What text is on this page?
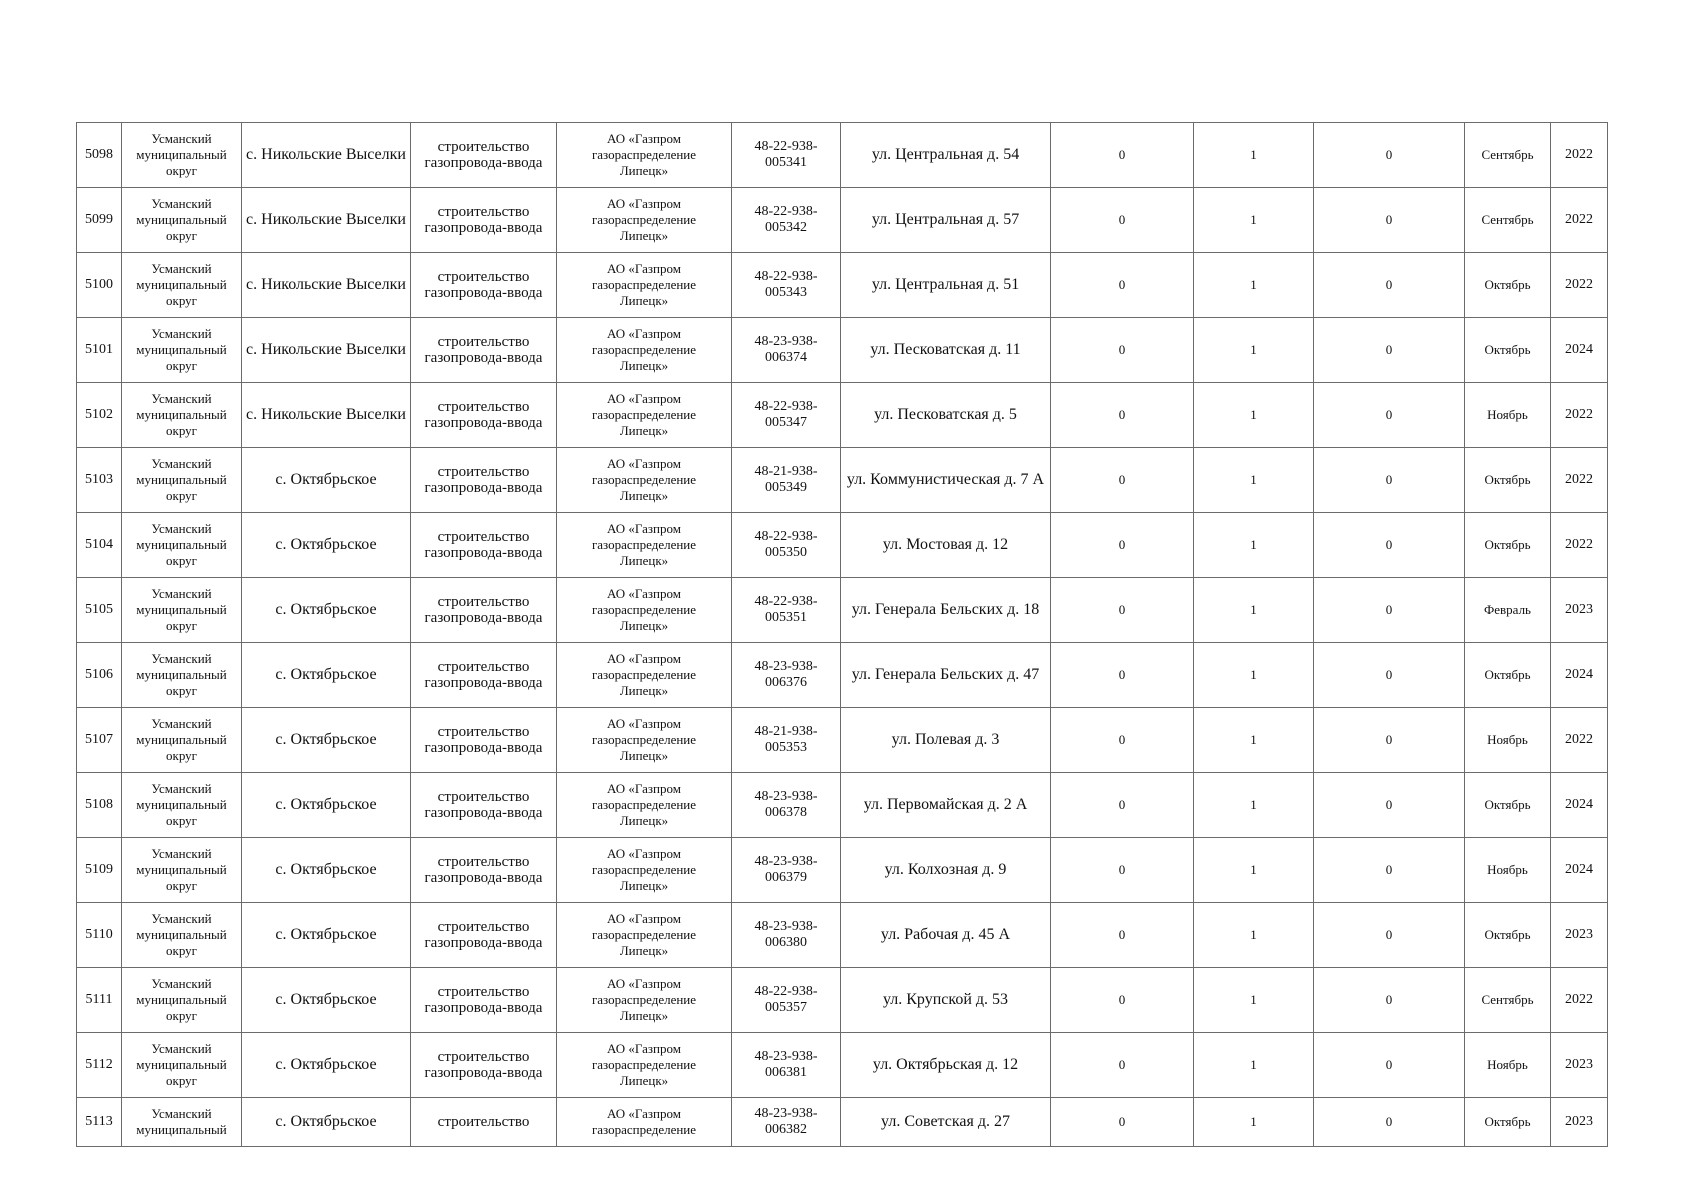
5098	Усманский
муниципальный
округ	с. Никольские Выселки	строительство
газопровода-ввода	АО «Газпром
газораспределение
Липецк»	48-22-938-
005341	ул. Центральная д. 54	0	1	0	Сентябрь	2022
5099	Усманский
муниципальный
округ	с. Никольские Выселки	строительство
газопровода-ввода	АО «Газпром
газораспределение
Липецк»	48-22-938-
005342	ул. Центральная д. 57	0	1	0	Сентябрь	2022
5100	Усманский
муниципальный
округ	с. Никольские Выселки	строительство
газопровода-ввода	АО «Газпром
газораспределение
Липецк»	48-22-938-
005343	ул. Центральная д. 51	0	1	0	Октябрь	2022
5101	Усманский
муниципальный
округ	с. Никольские Выселки	строительство
газопровода-ввода	АО «Газпром
газораспределение
Липецк»	48-23-938-
006374	ул. Песковатская д. 11	0	1	0	Октябрь	2024
5102	Усманский
муниципальный
округ	с. Никольские Выселки	строительство
газопровода-ввода	АО «Газпром
газораспределение
Липецк»	48-22-938-
005347	ул. Песковатская д. 5	0	1	0	Ноябрь	2022
5103	Усманский
муниципальный
округ	с. Октябрьское	строительство
газопровода-ввода	АО «Газпром
газораспределение
Липецк»	48-21-938-
005349	ул. Коммунистическая д. 7 А	0	1	0	Октябрь	2022
5104	Усманский
муниципальный
округ	с. Октябрьское	строительство
газопровода-ввода	АО «Газпром
газораспределение
Липецк»	48-22-938-
005350	ул. Мостовая д. 12	0	1	0	Октябрь	2022
5105	Усманский
муниципальный
округ	с. Октябрьское	строительство
газопровода-ввода	АО «Газпром
газораспределение
Липецк»	48-22-938-
005351	ул. Генерала Бельских д. 18	0	1	0	Февраль	2023
5106	Усманский
муниципальный
округ	с. Октябрьское	строительство
газопровода-ввода	АО «Газпром
газораспределение
Липецк»	48-23-938-
006376	ул. Генерала Бельских д. 47	0	1	0	Октябрь	2024
5107	Усманский
муниципальный
округ	с. Октябрьское	строительство
газопровода-ввода	АО «Газпром
газораспределение
Липецк»	48-21-938-
005353	ул. Полевая д. 3	0	1	0	Ноябрь	2022
5108	Усманский
муниципальный
округ	с. Октябрьское	строительство
газопровода-ввода	АО «Газпром
газораспределение
Липецк»	48-23-938-
006378	ул. Первомайская д. 2 А	0	1	0	Октябрь	2024
5109	Усманский
муниципальный
округ	с. Октябрьское	строительство
газопровода-ввода	АО «Газпром
газораспределение
Липецк»	48-23-938-
006379	ул. Колхозная д. 9	0	1	0	Ноябрь	2024
5110	Усманский
муниципальный
округ	с. Октябрьское	строительство
газопровода-ввода	АО «Газпром
газораспределение
Липецк»	48-23-938-
006380	ул. Рабочая д. 45 А	0	1	0	Октябрь	2023
5111	Усманский
муниципальный
округ	с. Октябрьское	строительство
газопровода-ввода	АО «Газпром
газораспределение
Липецк»	48-22-938-
005357	ул. Крупской д. 53	0	1	0	Сентябрь	2022
5112	Усманский
муниципальный
округ	с. Октябрьское	строительство
газопровода-ввода	АО «Газпром
газораспределение
Липецк»	48-23-938-
006381	ул. Октябрьская д. 12	0	1	0	Ноябрь	2023
5113	Усманский
муниципальный	с. Октябрьское	строительство	АО «Газпром
газораспределение	48-23-938-
006382	ул. Советская д. 27	0	1	0	Октябрь	2023
